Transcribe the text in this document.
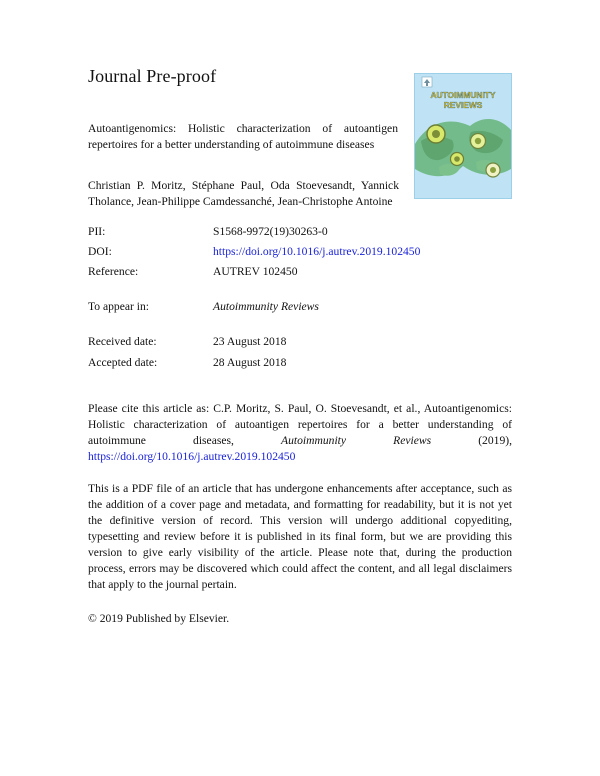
Journal Pre-proof
AUTOIMMUNITY
REVIEWS
Autoantigenomics: Holistic characterization of autoantigen repertoires for a better understanding of autoimmune diseases
Christian P. Moritz, Stéphane Paul, Oda Stoevesandt, Yannick Tholance, Jean-Philippe Camdessanché, Jean-Christophe Antoine
PII:	S1568-9972(19)30263-0
DOI:	https://doi.org/10.1016/j.autrev.2019.102450
Reference:	AUTREV 102450
To appear in:	Autoimmunity Reviews
Received date:	23 August 2018
Accepted date:	28 August 2018
Please cite this article as: C.P. Moritz, S. Paul, O. Stoevesandt, et al., Autoantigenomics: Holistic characterization of autoantigen repertoires for a better understanding of autoimmune diseases,	Autoimmunity Reviews	(2019), https://doi.org/10.1016/j.autrev.2019.102450
This is a PDF file of an article that has undergone enhancements after acceptance, such as the addition of a cover page and metadata, and formatting for readability, but it is not yet the definitive version of record. This version will undergo additional copyediting, typesetting and review before it is published in its final form, but we are providing this version to give early visibility of the article. Please note that, during the production process, errors may be discovered which could affect the content, and all legal disclaimers that apply to the journal pertain.
© 2019 Published by Elsevier.
